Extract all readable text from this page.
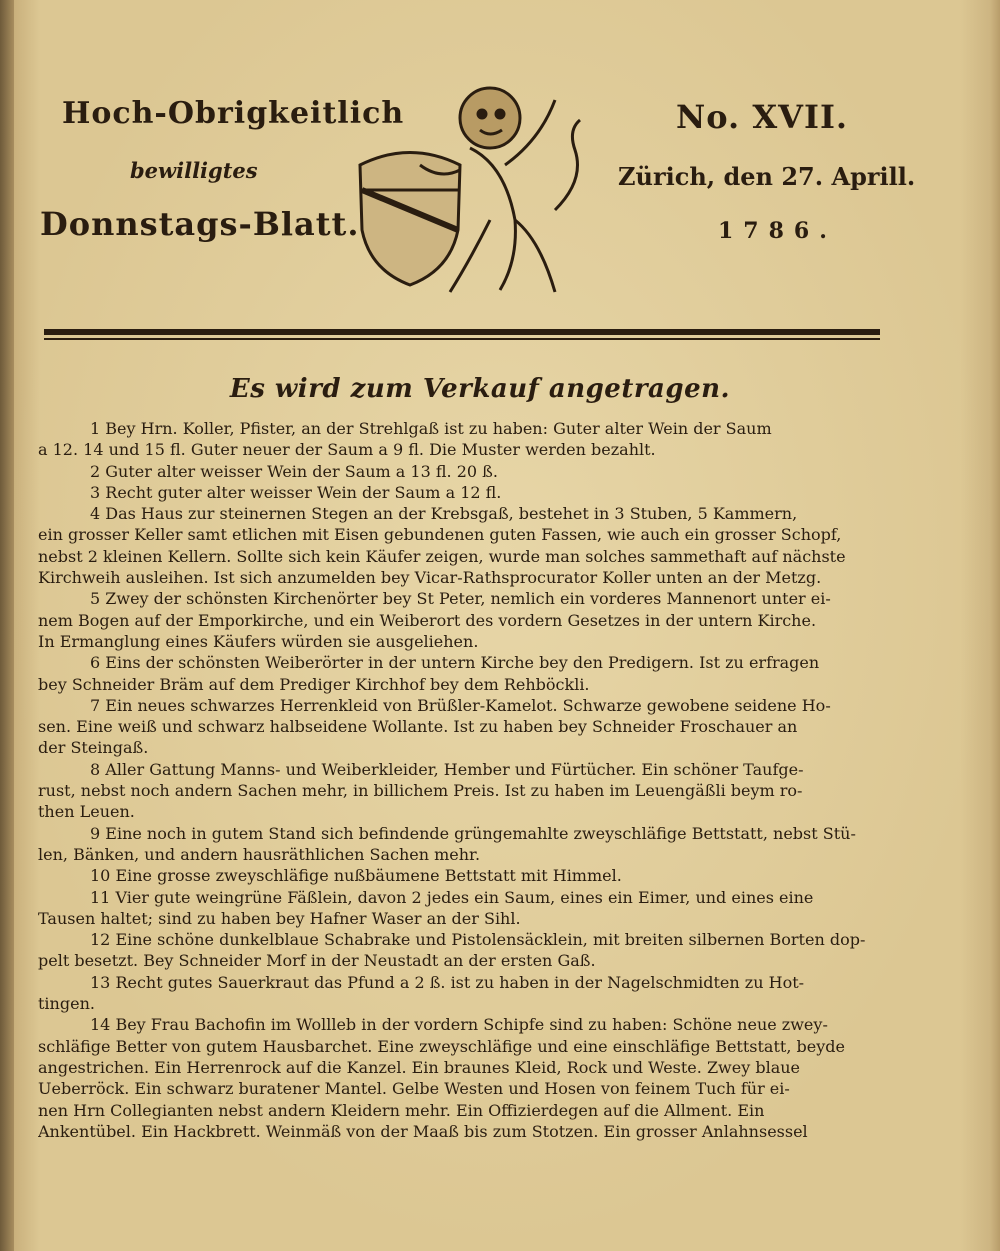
Hoch-Obrigkeitlich
bewilligtes
Donnstags-Blatt.
No. XVII.
Zürich, den 27. Aprill.
1786.
Es wird zum Verkauf angetragen.
1 Bey Hrn. Koller, Pfister, an der Strehlgaß ist zu haben: Guter alter Wein der Saum
a 12. 14 und 15 fl. Guter neuer der Saum a 9 fl. Die Muster werden bezahlt.
2 Guter alter weisser Wein der Saum a 13 fl. 20 ß.
3 Recht guter alter weisser Wein der Saum a 12 fl.
4 Das Haus zur steinernen Stegen an der Krebsgaß, bestehet in 3 Stuben, 5 Kammern,
ein grosser Keller samt etlichen mit Eisen gebundenen guten Fassen, wie auch ein grosser Schopf,
nebst 2 kleinen Kellern. Sollte sich kein Käufer zeigen, wurde man solches sammethaft auf nächste
Kirchweih ausleihen. Ist sich anzumelden bey Vicar-Rathsprocurator Koller unten an der Metzg.
5 Zwey der schönsten Kirchenörter bey St Peter, nemlich ein vorderes Mannenort unter ei-
nem Bogen auf der Emporkirche, und ein Weiberort des vordern Gesetzes in der untern Kirche.
In Ermanglung eines Käufers würden sie ausgeliehen.
6 Eins der schönsten Weiberörter in der untern Kirche bey den Predigern. Ist zu erfragen
bey Schneider Bräm auf dem Prediger Kirchhof bey dem Rehböckli.
7 Ein neues schwarzes Herrenkleid von Brüßler-Kamelot. Schwarze gewobene seidene Ho-
sen. Eine weiß und schwarz halbseidene Wollante. Ist zu haben bey Schneider Froschauer an
der Steingaß.
8 Aller Gattung Manns- und Weiberkleider, Hember und Fürtücher. Ein schöner Taufge-
rust, nebst noch andern Sachen mehr, in billichem Preis. Ist zu haben im Leuengäßli beym ro-
then Leuen.
9 Eine noch in gutem Stand sich befindende grüngemahlte zweyschläfige Bettstatt, nebst Stü-
len, Bänken, und andern hausräthlichen Sachen mehr.
10 Eine grosse zweyschläfige nußbäumene Bettstatt mit Himmel.
11 Vier gute weingrüne Fäßlein, davon 2 jedes ein Saum, eines ein Eimer, und eines eine
Tausen haltet; sind zu haben bey Hafner Waser an der Sihl.
12 Eine schöne dunkelblaue Schabrake und Pistolensäcklein, mit breiten silbernen Borten dop-
pelt besetzt. Bey Schneider Morf in der Neustadt an der ersten Gaß.
13 Recht gutes Sauerkraut das Pfund a 2 ß. ist zu haben in der Nagelschmidten zu Hot-
tingen.
14 Bey Frau Bachofin im Wollleb in der vordern Schipfe sind zu haben: Schöne neue zwey-
schläfige Better von gutem Hausbarchet. Eine zweyschläfige und eine einschläfige Bettstatt, beyde
angestrichen. Ein Herrenrock auf die Kanzel. Ein braunes Kleid, Rock und Weste. Zwey blaue
Ueberröck. Ein schwarz buratener Mantel. Gelbe Westen und Hosen von feinem Tuch für ei-
nen Hrn Collegianten nebst andern Kleidern mehr. Ein Offizierdegen auf die Allment. Ein
Ankentübel. Ein Hackbrett. Weinmäß von der Maaß bis zum Stotzen. Ein grosser Anlahnsessel
